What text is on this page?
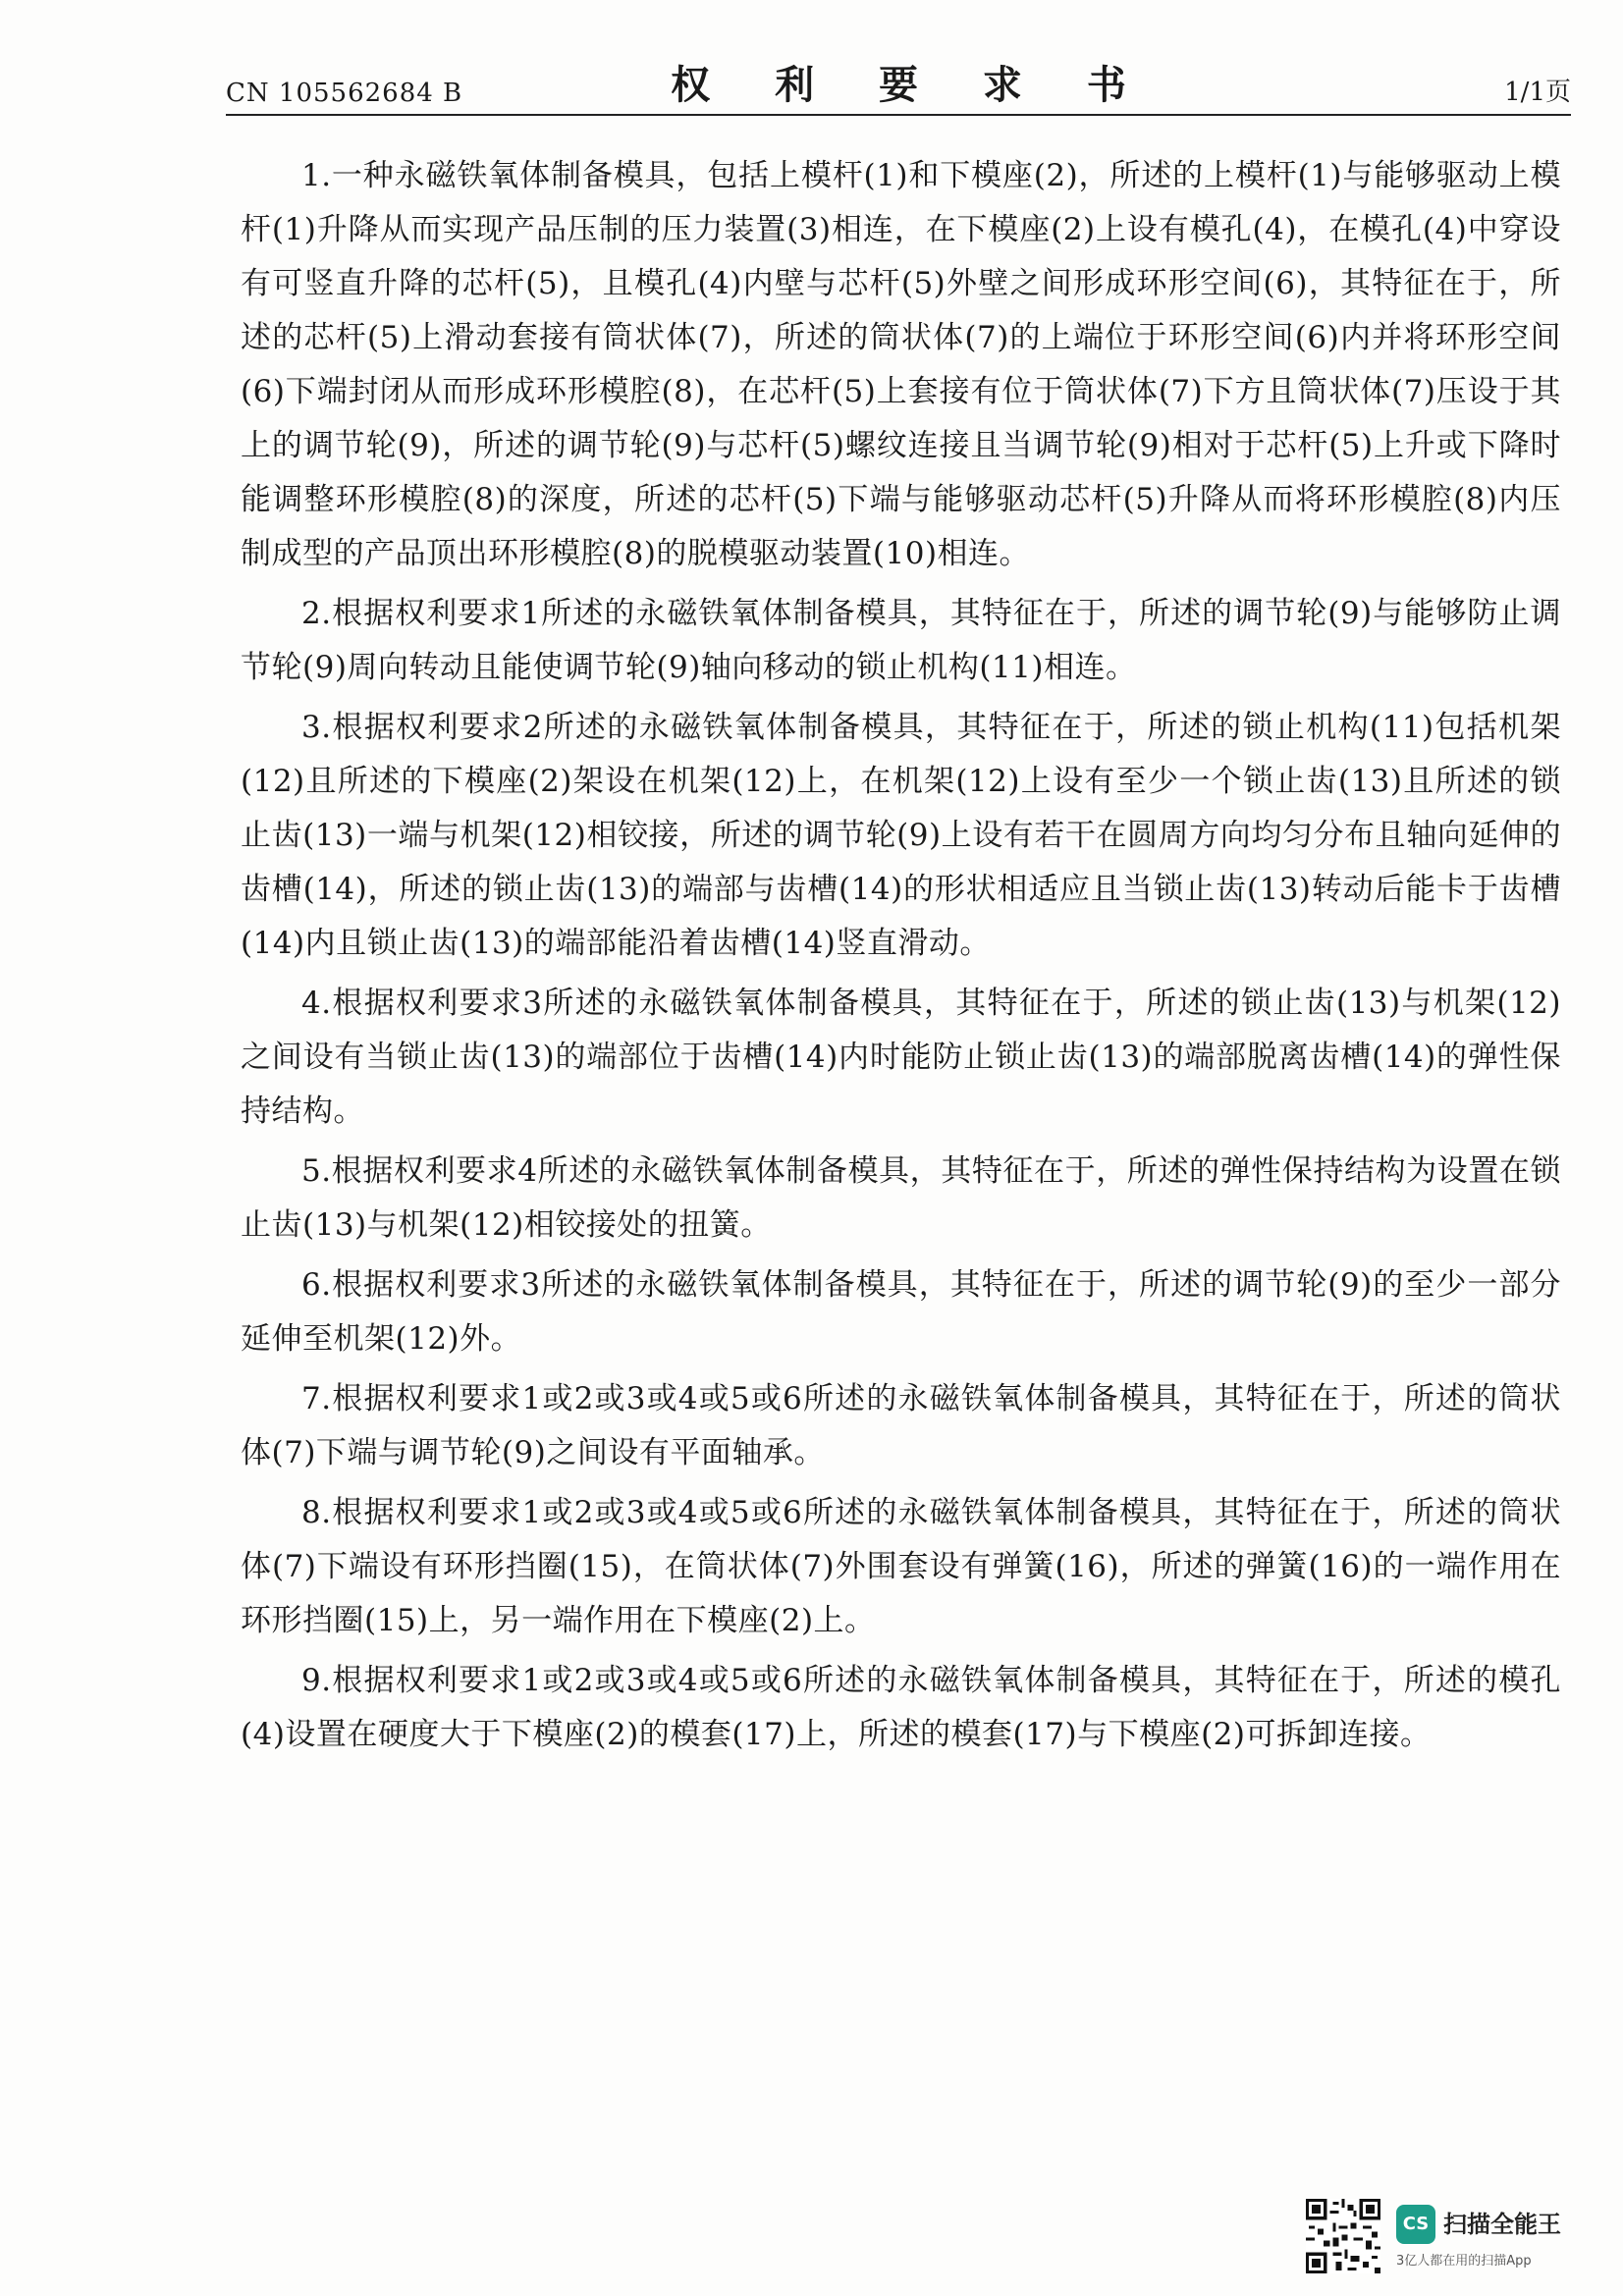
CN 105562684 B	权 利 要 求 书	1/1页

1.一种永磁铁氧体制备模具，包括上模杆(1)和下模座(2)，所述的上模杆(1)与能够驱动上模杆(1)升降从而实现产品压制的压力装置(3)相连，在下模座(2)上设有模孔(4)，在模孔(4)中穿设有可竖直升降的芯杆(5)，且模孔(4)内壁与芯杆(5)外壁之间形成环形空间(6)，其特征在于，所述的芯杆(5)上滑动套接有筒状体(7)，所述的筒状体(7)的上端位于环形空间(6)内并将环形空间(6)下端封闭从而形成环形模腔(8)，在芯杆(5)上套接有位于筒状体(7)下方且筒状体(7)压设于其上的调节轮(9)，所述的调节轮(9)与芯杆(5)螺纹连接且当调节轮(9)相对于芯杆(5)上升或下降时能调整环形模腔(8)的深度，所述的芯杆(5)下端与能够驱动芯杆(5)升降从而将环形模腔(8)内压制成型的产品顶出环形模腔(8)的脱模驱动装置(10)相连。

2.根据权利要求1所述的永磁铁氧体制备模具，其特征在于，所述的调节轮(9)与能够防止调节轮(9)周向转动且能使调节轮(9)轴向移动的锁止机构(11)相连。

3.根据权利要求2所述的永磁铁氧体制备模具，其特征在于，所述的锁止机构(11)包括机架(12)且所述的下模座(2)架设在机架(12)上，在机架(12)上设有至少一个锁止齿(13)且所述的锁止齿(13)一端与机架(12)相铰接，所述的调节轮(9)上设有若干在圆周方向均匀分布且轴向延伸的齿槽(14)，所述的锁止齿(13)的端部与齿槽(14)的形状相适应且当锁止齿(13)转动后能卡于齿槽(14)内且锁止齿(13)的端部能沿着齿槽(14)竖直滑动。

4.根据权利要求3所述的永磁铁氧体制备模具，其特征在于，所述的锁止齿(13)与机架(12)之间设有当锁止齿(13)的端部位于齿槽(14)内时能防止锁止齿(13)的端部脱离齿槽(14)的弹性保持结构。

5.根据权利要求4所述的永磁铁氧体制备模具，其特征在于，所述的弹性保持结构为设置在锁止齿(13)与机架(12)相铰接处的扭簧。

6.根据权利要求3所述的永磁铁氧体制备模具，其特征在于，所述的调节轮(9)的至少一部分延伸至机架(12)外。

7.根据权利要求1或2或3或4或5或6所述的永磁铁氧体制备模具，其特征在于，所述的筒状体(7)下端与调节轮(9)之间设有平面轴承。

8.根据权利要求1或2或3或4或5或6所述的永磁铁氧体制备模具，其特征在于，所述的筒状体(7)下端设有环形挡圈(15)，在筒状体(7)外围套设有弹簧(16)，所述的弹簧(16)的一端作用在环形挡圈(15)上，另一端作用在下模座(2)上。

9.根据权利要求1或2或3或4或5或6所述的永磁铁氧体制备模具，其特征在于，所述的模孔(4)设置在硬度大于下模座(2)的模套(17)上，所述的模套(17)与下模座(2)可拆卸连接。

CS 扫描全能王
3亿人都在用的扫描App
